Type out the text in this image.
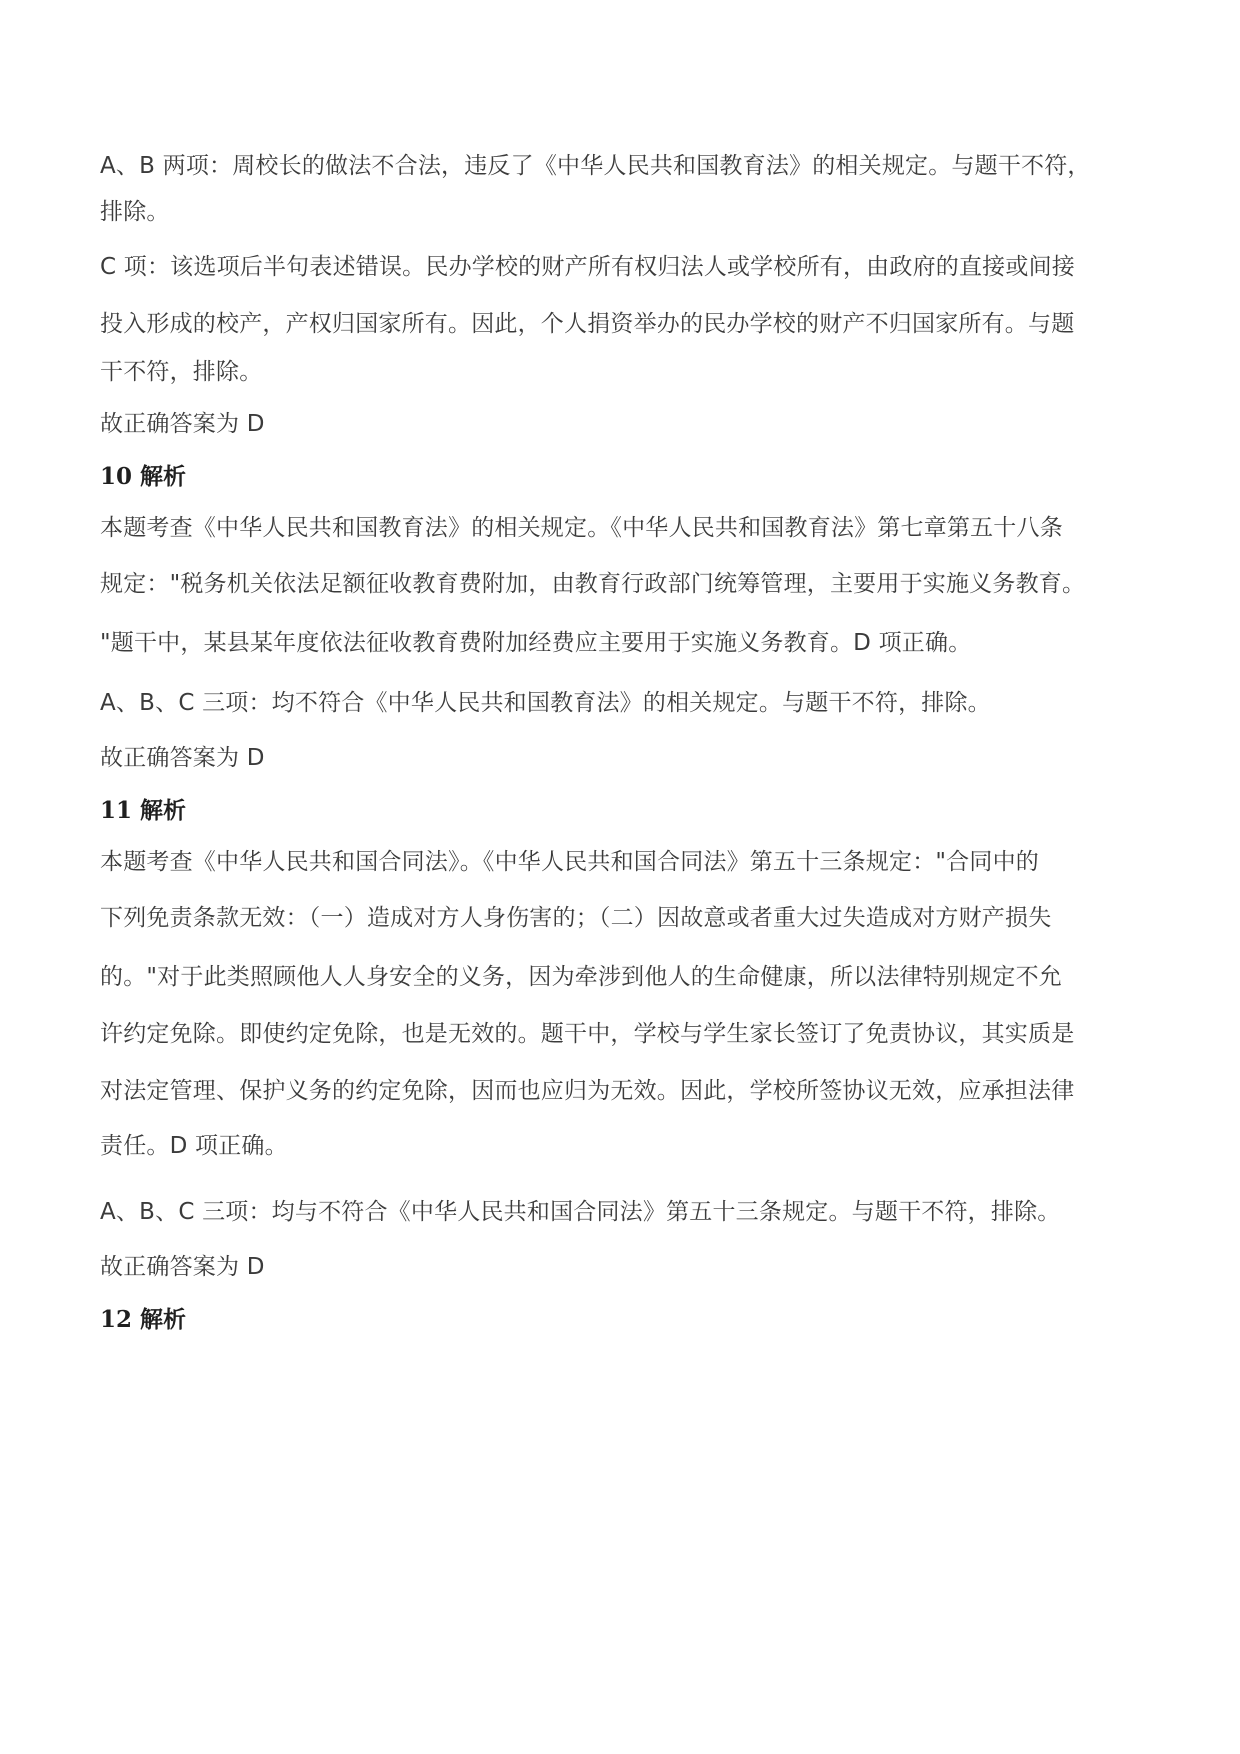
A、B 两项：周校长的做法不合法，违反了《中华人民共和国教育法》的相关规定。与题干不符，
排除。
C 项：该选项后半句表述错误。民办学校的财产所有权归法人或学校所有，由政府的直接或间接
投入形成的校产，产权归国家所有。因此，个人捐资举办的民办学校的财产不归国家所有。与题
干不符，排除。
故正确答案为 D
10 解析
本题考查《中华人民共和国教育法》的相关规定。《中华人民共和国教育法》第七章第五十八条
规定："税务机关依法足额征收教育费附加，由教育行政部门统筹管理，主要用于实施义务教育。
"题干中，某县某年度依法征收教育费附加经费应主要用于实施义务教育。D 项正确。
A、B、C 三项：均不符合《中华人民共和国教育法》的相关规定。与题干不符，排除。
故正确答案为 D
11 解析
本题考查《中华人民共和国合同法》。《中华人民共和国合同法》第五十三条规定："合同中的
下列免责条款无效：（一）造成对方人身伤害的；（二）因故意或者重大过失造成对方财产损失
的。"对于此类照顾他人人身安全的义务，因为牵涉到他人的生命健康，所以法律特别规定不允
许约定免除。即使约定免除，也是无效的。题干中，学校与学生家长签订了免责协议，其实质是
对法定管理、保护义务的约定免除，因而也应归为无效。因此，学校所签协议无效，应承担法律
责任。D 项正确。
A、B、C 三项：均与不符合《中华人民共和国合同法》第五十三条规定。与题干不符，排除。
故正确答案为 D
12 解析
